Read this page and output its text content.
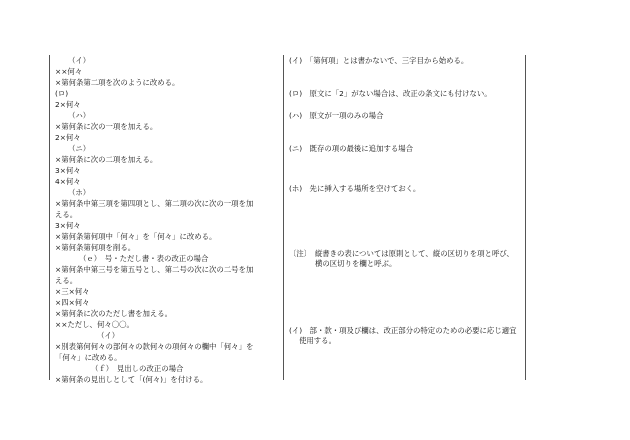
（イ）
××何々
×第何条第二項を次のように改める。
(ロ)
2×何々
（ハ）
×第何条に次の一項を加える。
2×何々
（ニ）
×第何条に次の二項を加える。
3×何々
4×何々
（ホ）
×第何条中第三項を第四項とし、第二項の次に次の一項を加
える。
3×何々
×第何条第何項中「何々」を「何々」に改める。
×第何条第何項を削る。
（ｅ）　号・ただし書・表の改正の場合
×第何条中第三号を第五号とし、第二号の次に次の二号を加
える。
×三×何々
×四×何々
×第何条に次のただし書を加える。
××ただし、何々〇〇。
（イ）
×別表第何何々の部何々の款何々の項何々の欄中「何々」を
「何々」に改める。
（ｆ）　見出しの改正の場合
×第何条の見出しとして「(何々)」を付ける。
(イ)　「第何項」とは書かないで、三字目から始める。
(ロ)　原文に「2」がない場合は、改正の条文にも付けない。
(ハ)　原文が一項のみの場合
(ニ)　既存の項の最後に追加する場合
(ホ)　先に挿入する場所を空けておく。
〔注〕　縦書きの表については原則として、縦の区切りを項と呼び、横の区切りを欄と呼ぶ。
(イ)　部・款・項及び欄は、改正部分の特定のための必要に応じ適宜使用する。
